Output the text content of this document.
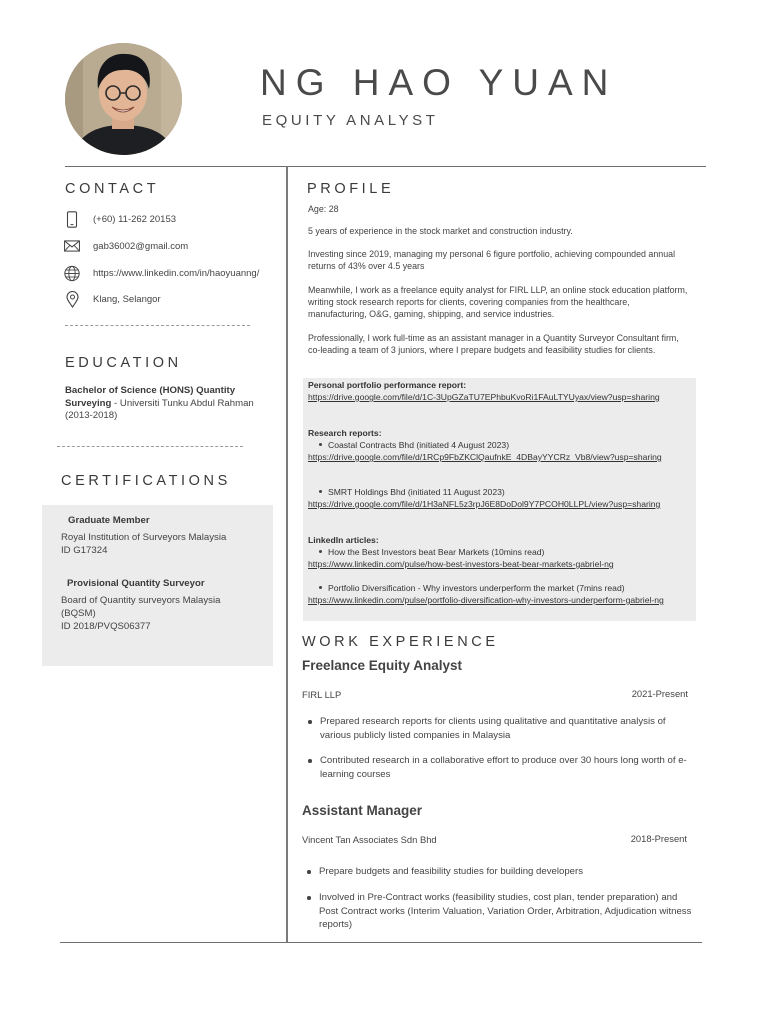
NG HAO YUAN
EQUITY ANALYST
CONTACT
(+60) 11-262 20153
gab36002@gmail.com
https://www.linkedin.com/in/haoyuanng/
Klang, Selangor
EDUCATION
Bachelor of Science (HONS) Quantity Surveying - Universiti Tunku Abdul Rahman (2013-2018)
CERTIFICATIONS
Graduate Member
Royal Institution of Surveyors Malaysia
ID G17324
Provisional Quantity Surveyor
Board of Quantity surveyors Malaysia (BQSM)
ID 2018/PVQS06377
PROFILE
Age: 28
5 years of experience in the stock market and construction industry.
Investing since 2019, managing my personal 6 figure portfolio, achieving compounded annual returns of 43% over 4.5 years
Meanwhile, I work as a freelance equity analyst for FIRL LLP, an online stock education platform, writing stock research reports for clients, covering companies from the healthcare, manufacturing, O&G, gaming, shipping, and service industries.
Professionally, I work full-time as an assistant manager in a Quantity Surveyor Consultant firm, co-leading a team of 3 juniors, where I prepare budgets and feasibility studies for clients.
Personal portfolio performance report:
https://drive.google.com/file/d/1C-3UpGZaTU7EPhbuKvoRi1FAuLTYUyax/view?usp=sharing
Research reports:
Coastal Contracts Bhd (initiated 4 August 2023)
https://drive.google.com/file/d/1RCp9FbZKClQaufnkE_4DBayYYCRz_Vb8/view?usp=sharing
SMRT Holdings Bhd (initiated 11 August 2023)
https://drive.google.com/file/d/1H3aNFL5z3rpJ6E8DoDol9Y7PCOH0LLPL/view?usp=sharing
LinkedIn articles:
How the Best Investors beat Bear Markets (10mins read)
https://www.linkedin.com/pulse/how-best-investors-beat-bear-markets-gabriel-ng
Portfolio Diversification - Why investors underperform the market (7mins read)
https://www.linkedin.com/pulse/portfolio-diversification-why-investors-underperform-gabriel-ng
WORK EXPERIENCE
Freelance Equity Analyst
FIRL LLP	2021-Present
Prepared research reports for clients using qualitative and quantitative analysis of various publicly listed companies in Malaysia
Contributed research in a collaborative effort to produce over 30 hours long worth of e-learning courses
Assistant Manager
Vincent Tan Associates Sdn Bhd	2018-Present
Prepare budgets and feasibility studies for building developers
Involved in Pre-Contract works (feasibility studies, cost plan, tender preparation) and Post Contract works (Interim Valuation, Variation Order, Arbitration, Adjudication witness reports)
